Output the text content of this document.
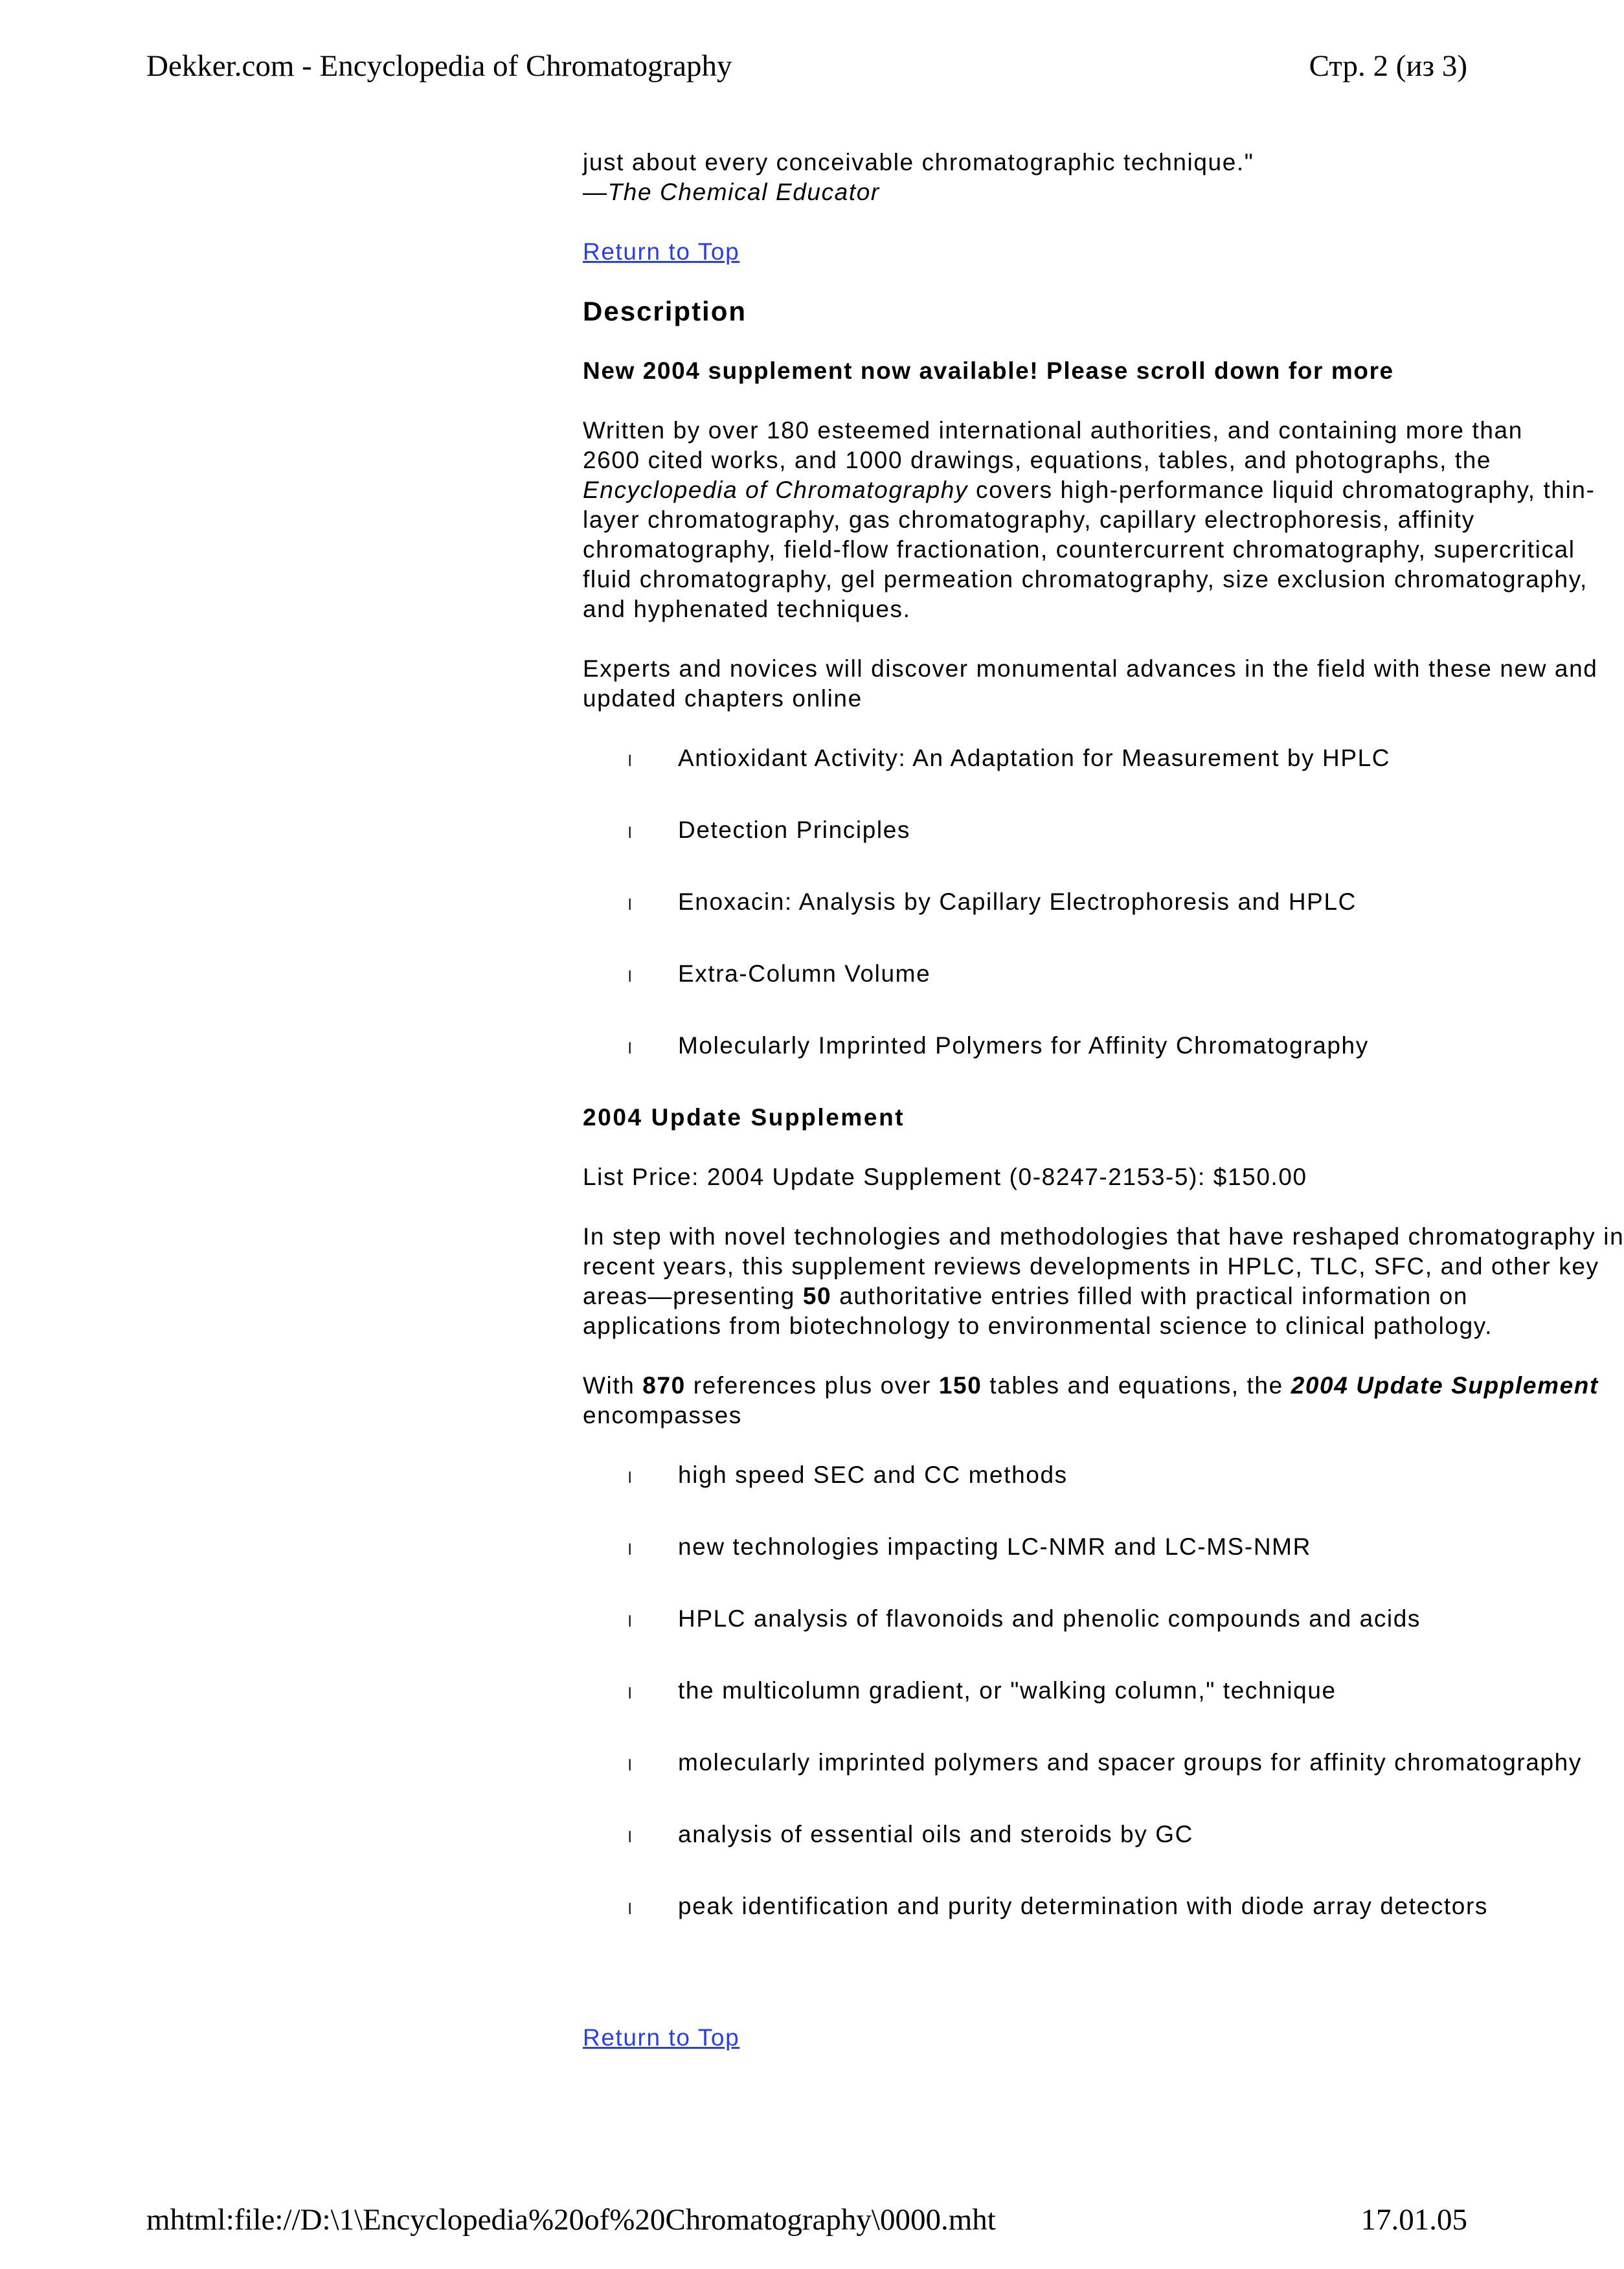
Dekker.com - Encyclopedia of Chromatography	Стр. 2 (из 3)

just about every conceivable chromatographic technique."

—The Chemical Educator

Return to Top

Description

New 2004 supplement now available! Please scroll down for more

Written by over 180 esteemed international authorities, and containing more than

2600 cited works, and 1000 drawings, equations, tables, and photographs, the

Encyclopedia of Chromatography covers high-performance liquid chromatography, thin-

layer chromatography, gas chromatography, capillary electrophoresis, affinity

chromatography, field-flow fractionation, countercurrent chromatography, supercritical

fluid chromatography, gel permeation chromatography, size exclusion chromatography,

and hyphenated techniques.

Experts and novices will discover monumental advances in the field with these new and

updated chapters online

l	Antioxidant Activity: An Adaptation for Measurement by HPLC
l	Detection Principles
l	Enoxacin: Analysis by Capillary Electrophoresis and HPLC
l	Extra-Column Volume
l	Molecularly Imprinted Polymers for Affinity Chromatography

2004 Update Supplement

List Price: 2004 Update Supplement (0-8247-2153-5): $150.00

In step with novel technologies and methodologies that have reshaped chromatography in

recent years, this supplement reviews developments in HPLC, TLC, SFC, and other key

areas—presenting 50 authoritative entries filled with practical information on

applications from biotechnology to environmental science to clinical pathology.

With 870 references plus over 150 tables and equations, the 2004 Update Supplement

encompasses

l	high speed SEC and CC methods
l	new technologies impacting LC-NMR and LC-MS-NMR
l	HPLC analysis of flavonoids and phenolic compounds and acids
l	the multicolumn gradient, or "walking column," technique
l	molecularly imprinted polymers and spacer groups for affinity chromatography
l	analysis of essential oils and steroids by GC
l	peak identification and purity determination with diode array detectors

Return to Top

mhtml:file://D:\1\Encyclopedia%20of%20Chromatography\0000.mht	17.01.05
